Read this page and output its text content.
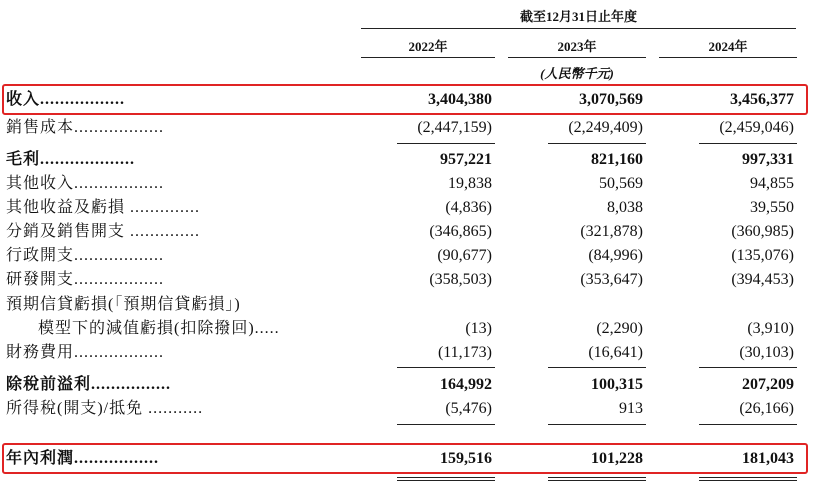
截至12月31日止年度
2022年	2023年	2024年
(人民幣千元)
收入.................	3,404,380	3,070,569	3,456,377
銷售成本..................	(2,447,159)	(2,249,409)	(2,459,046)
毛利...................	957,221	821,160	997,331
其他收入..................	19,838	50,569	94,855
其他收益及虧損 ..............	(4,836)	8,038	39,550
分銷及銷售開支 ..............	(346,865)	(321,878)	(360,985)
行政開支..................	(90,677)	(84,996)	(135,076)
研發開支..................	(358,503)	(353,647)	(394,453)
預期信貸虧損(「預期信貸虧損」)
模型下的減值虧損(扣除撥回).....	(13)	(2,290)	(3,910)
財務費用..................	(11,173)	(16,641)	(30,103)
除稅前溢利................	164,992	100,315	207,209
所得稅(開支)/抵免 ...........	(5,476)	913	(26,166)
年內利潤.................	159,516	101,228	181,043
